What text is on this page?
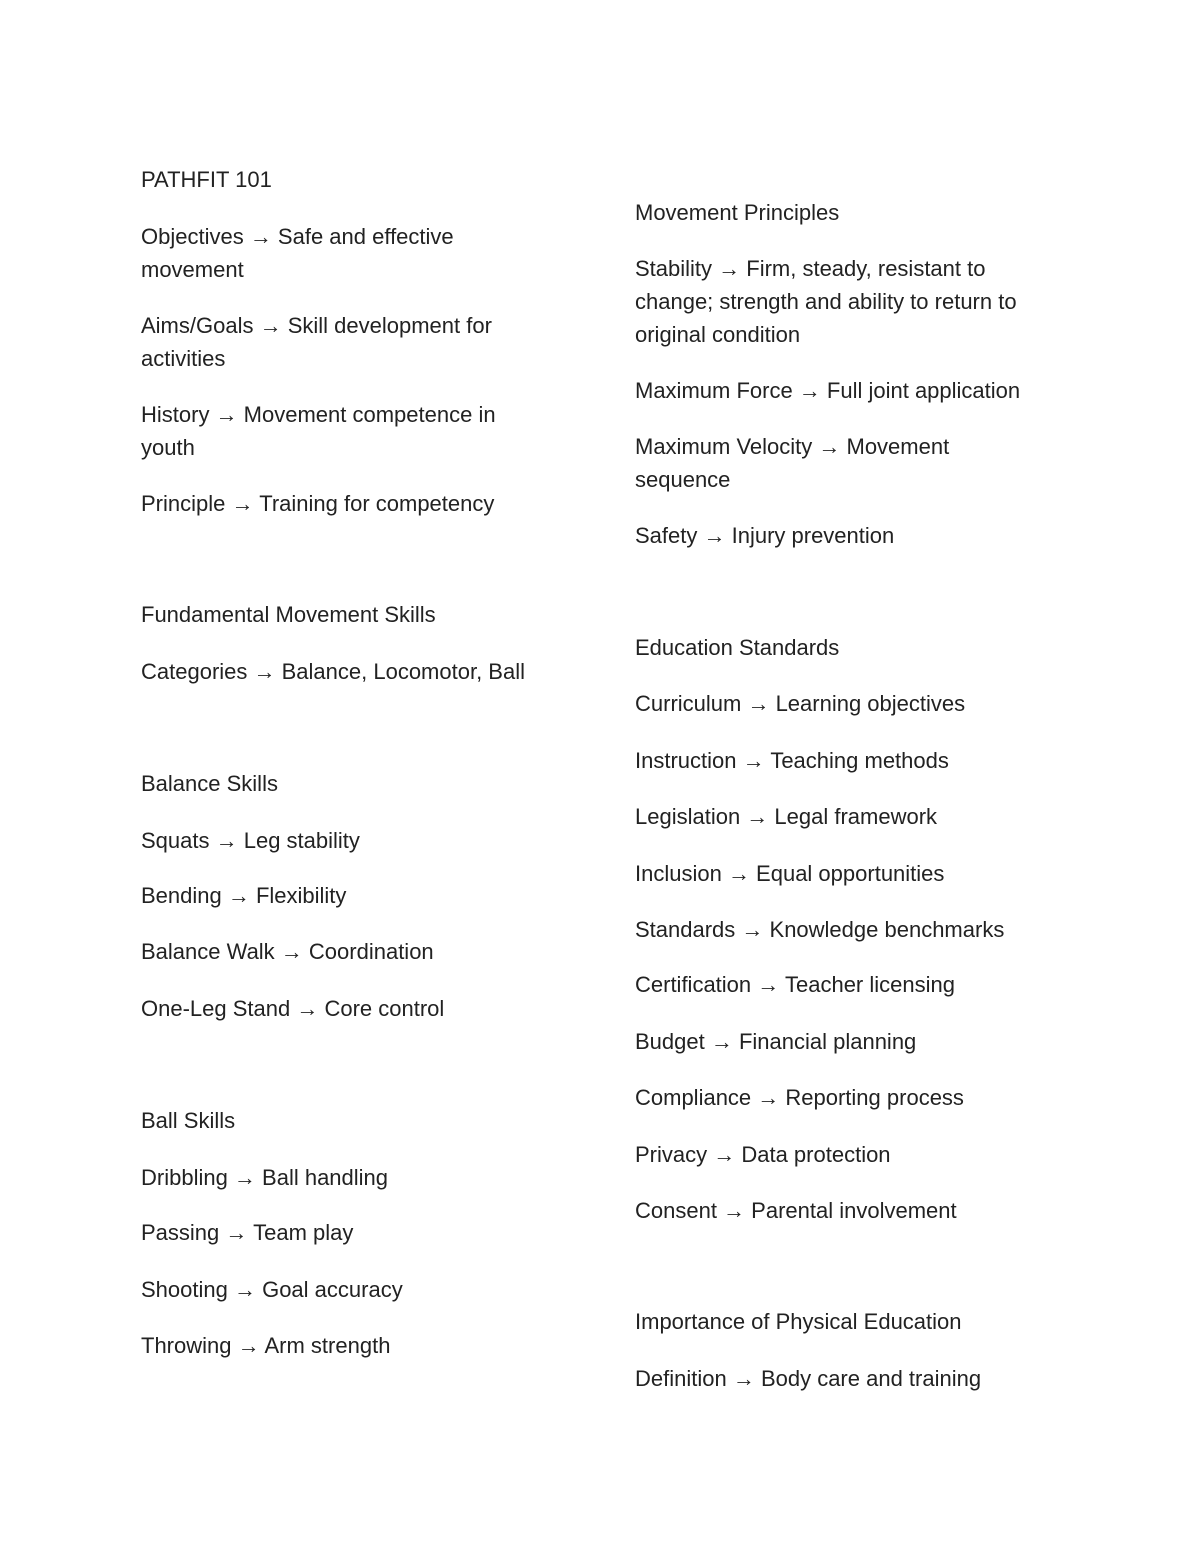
PATHFIT 101

Objectives → Safe and effective movement

Aims/Goals → Skill development for activities

History → Movement competence in youth

Principle → Training for competency

Fundamental Movement Skills

Categories → Balance, Locomotor, Ball

Balance Skills

Squats → Leg stability

Bending → Flexibility

Balance Walk → Coordination

One-Leg Stand → Core control

Ball Skills

Dribbling → Ball handling

Passing → Team play

Shooting → Goal accuracy

Throwing → Arm strength

Movement Principles

Stability → Firm, steady, resistant to change; strength and ability to return to original condition

Maximum Force → Full joint application

Maximum Velocity → Movement sequence

Safety → Injury prevention

Education Standards

Curriculum → Learning objectives

Instruction → Teaching methods

Legislation → Legal framework

Inclusion → Equal opportunities

Standards → Knowledge benchmarks

Certification → Teacher licensing

Budget → Financial planning

Compliance → Reporting process

Privacy → Data protection

Consent → Parental involvement

Importance of Physical Education

Definition → Body care and training
